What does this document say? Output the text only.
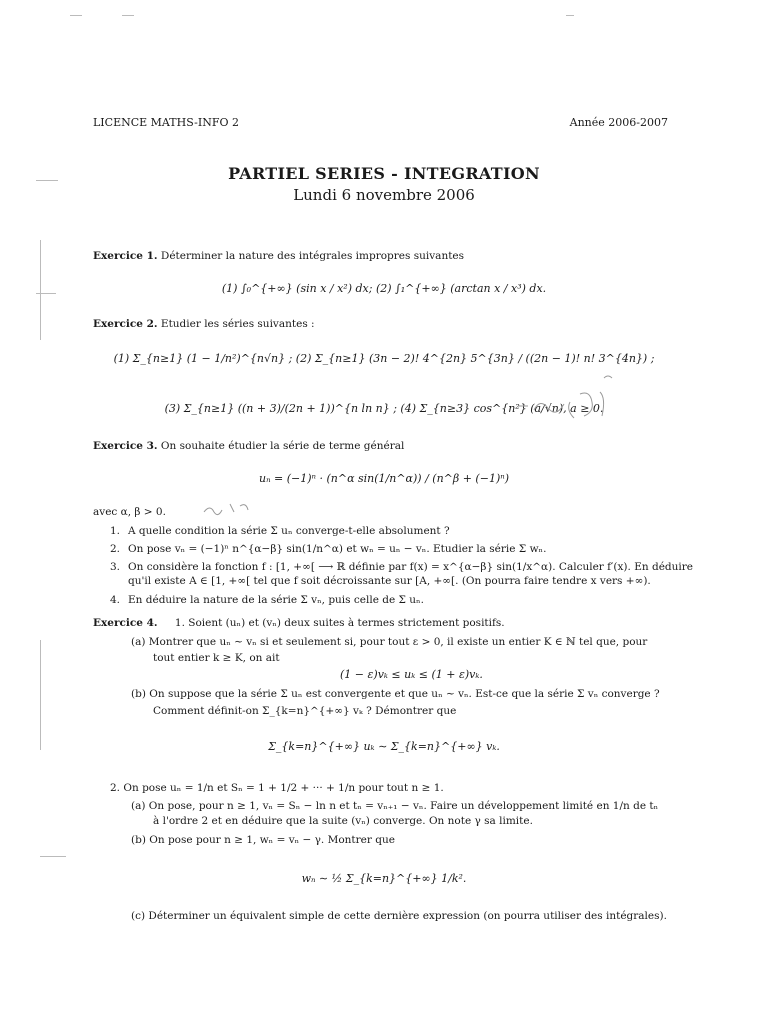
LICENCE MATHS-INFO 2	Année 2006-2007
PARTIEL SERIES - INTEGRATION
Lundi 6 novembre 2006
Exercice 1. Déterminer la nature des intégrales impropres suivantes
(1) ∫₀^{+∞} (sin x / x²) dx; (2) ∫₁^{+∞} (arctan x / x³) dx.
Exercice 2. Etudier les séries suivantes :
(1) Σ_{n≥1} (1 − 1/n²)^{n√n} ; (2) Σ_{n≥1} (3n − 2)! 4^{2n} 5^{3n} / ((2n − 1)! n! 3^{4n}) ;
(3) Σ_{n≥1} ((n + 3)/(2n + 1))^{n ln n} ; (4) Σ_{n≥3} cos^{n²} (a/√n), a ≥ 0.
Exercice 3. On souhaite étudier la série de terme général
uₙ = (−1)ⁿ · (n^α sin(1/n^α)) / (n^β + (−1)ⁿ)
avec α, β > 0.
1. A quelle condition la série Σ uₙ converge-t-elle absolument ?
2. On pose vₙ = (−1)ⁿ n^{α−β} sin(1/n^α) et wₙ = uₙ − vₙ. Etudier la série Σ wₙ.
3. On considère la fonction f : [1, +∞[ ⟶ ℝ définie par f(x) = x^{α−β} sin(1/x^α). Calculer f′(x). En déduire
qu'il existe A ∈ [1, +∞[ tel que f soit décroissante sur [A, +∞[. (On pourra faire tendre x vers +∞).
4. En déduire la nature de la série Σ vₙ, puis celle de Σ uₙ.
Exercice 4. 1. Soient (uₙ) et (vₙ) deux suites à termes strictement positifs.
(a) Montrer que uₙ ∼ vₙ si et seulement si, pour tout ε > 0, il existe un entier K ∈ ℕ tel que, pour
tout entier k ≥ K, on ait
(1 − ε)vₖ ≤ uₖ ≤ (1 + ε)vₖ.
(b) On suppose que la série Σ uₙ est convergente et que uₙ ∼ vₙ. Est-ce que la série Σ vₙ converge ?
Comment définit-on Σ_{k=n}^{+∞} vₖ ? Démontrer que
Σ_{k=n}^{+∞} uₖ ∼ Σ_{k=n}^{+∞} vₖ.
2. On pose uₙ = 1/n et Sₙ = 1 + 1/2 + ··· + 1/n pour tout n ≥ 1.
(a) On pose, pour n ≥ 1, vₙ = Sₙ − ln n et tₙ = vₙ₊₁ − vₙ. Faire un développement limité en 1/n de tₙ
à l'ordre 2 et en déduire que la suite (vₙ) converge. On note γ sa limite.
(b) On pose pour n ≥ 1, wₙ = vₙ − γ. Montrer que
wₙ ∼ ½ Σ_{k=n}^{+∞} 1/k².
(c) Déterminer un équivalent simple de cette dernière expression (on pourra utiliser des intégrales).
